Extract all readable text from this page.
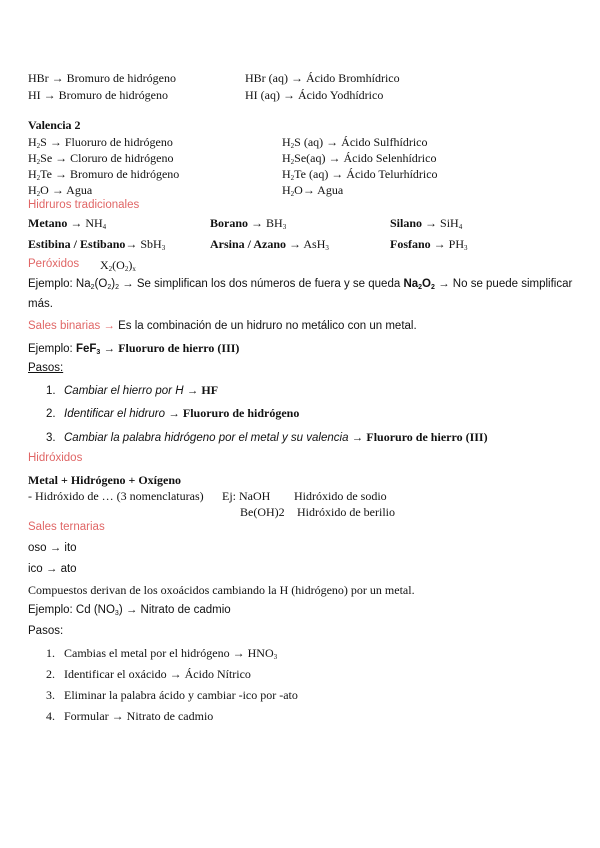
HBr → Bromuro de hidrógeno	HBr (aq) → Ácido Bromhídrico
HI → Bromuro de hidrógeno	HI (aq) → Ácido Yodhídrico
Valencia 2
$H_2S$ → Fluoruro de hidrógeno	$H_2S$ (aq) → Ácido Sulfhídrico
$H_2Se$ → Cloruro de hidrógeno	$H_2Se(aq)$ → Ácido Selenhídrico
$H_2Te$ → Bromuro de hidrógeno	$H_2Te$ (aq) → Ácido Telurhídrico
$H_2O$ → Agua	$H_2O\to$ Agua
Hidruros tradicionales
$Metano \to NH_4$	Borano → $BH_3$	Silano → SiH$_4$
Estibina / Estibano→ SbH$_3$	Arsina / Azano → AsH$_3$	Fosfano → $PH_3$
Peróxidos $X_2(O_2)_x$
Ejemplo: $Na_2(O_2)_2 \to Se$ simplifican los dos números de fuera y se queda $Na_2O_2 \to No$ se puede simplificar
más.
Sales binarias → Es la combinación de un hidruro no metálico con un metal.
Ejemplo: FeF$_3$ → Fluoruro de hierro (III)
Pasos:
1. Cambiar el hierro por H → HF
2. Identificar el hidruro → Fluoruro de hidrógeno
3. Cambiar la palabra hidrógeno por el metal y su valencia → Fluoruro de hierro (III)
Hidróxidos
Metal + Hidrógeno + Oxígeno
- Hidróxido de … (3 nomenclaturas) Ej: NaOH Hidróxido de sodio
Be(OH)2 Hidróxido de berilio
Sales ternarias
oso → ito
ico → ato
Compuestos derivan de los oxoácidos cambiando la H (hidrógeno) por un metal.
Ejemplo: Cd $(NO_3)$ → Nitrato de cadmio
Pasos:
1. Cambias el metal por el hidrógeno → $HNO_3$
2. Identificar el oxácido → Ácido Nítrico
3. Eliminar la palabra ácido y cambiar -ico por -ato
4. Formular → Nitrato de cadmio
